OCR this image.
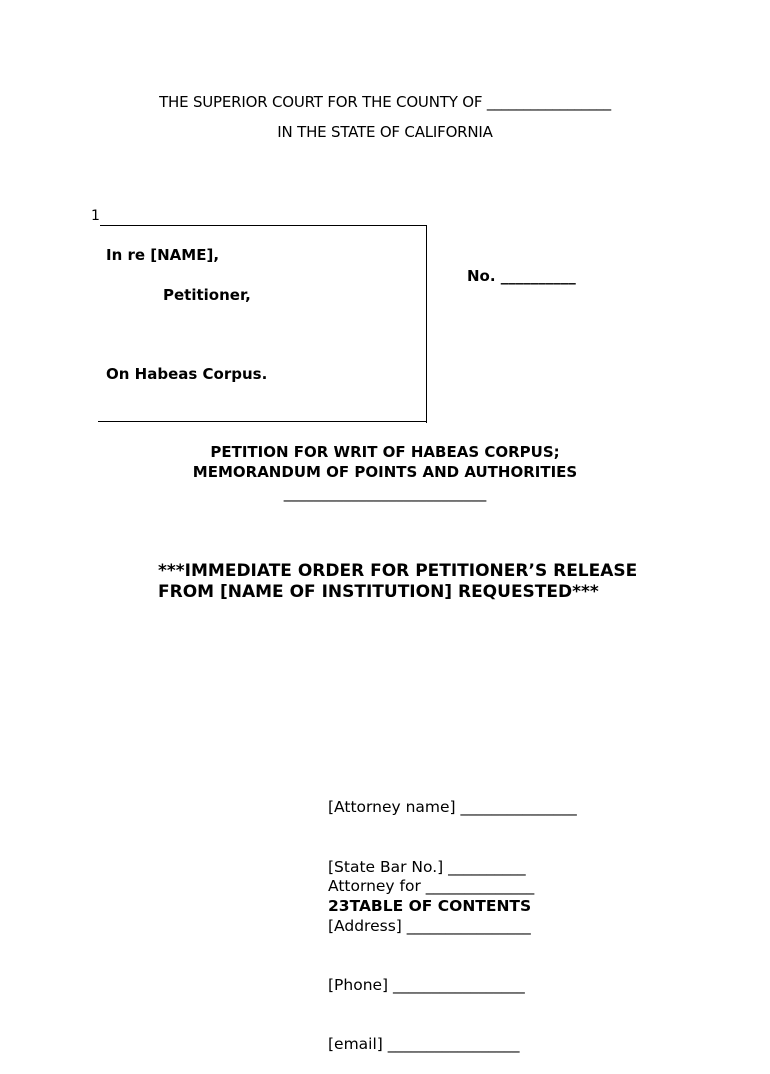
THE SUPERIOR COURT FOR THE COUNTY OF _________________
IN THE STATE OF CALIFORNIA
1
In re [NAME],
Petitioner,
On Habeas Corpus.
No. __________
PETITION FOR WRIT OF HABEAS CORPUS;
MEMORANDUM OF POINTS AND AUTHORITIES
___________________________
***IMMEDIATE ORDER FOR PETITIONER’S RELEASE
FROM [NAME OF INSTITUTION] REQUESTED***

[Attorney name] _______________

[State Bar No.] __________

[Address] ________________

[Phone] _________________

[email] _________________

Attorney for ______________
23TABLE OF CONTENTS
